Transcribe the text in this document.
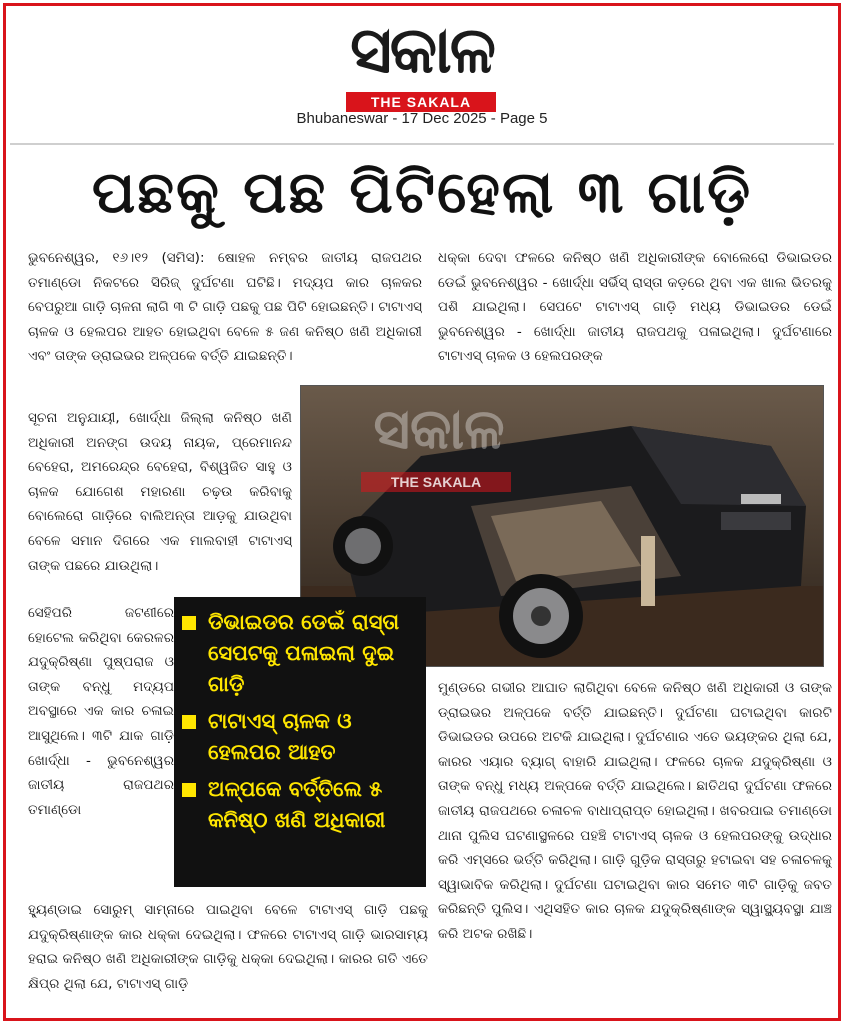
ସକାଳ
THE SAKALA
Bhubaneswar - 17 Dec 2025 - Page 5
ପଛକୁ ପଛ ପିଟିହେଲା ୩ ଗାଡ଼ି
ଭୁବନେଶ୍ୱର, ୧୬।୧୨ (ସମିସ): ଷୋହଳ ନମ୍ବର ଜାତୀୟ ରାଜପଥର ତମାଣ୍ଡୋ ନିକଟରେ ସିରିଜ୍ ଦୁର୍ଘଟଣା ଘଟିଛି। ମଦ୍ୟପ କାର ଚାଳକର ବେପରୁଆ ଗାଡ଼ି ଚାଳନା ଲାଗି ୩ ଟି ଗାଡ଼ି ପଛକୁ ପଛ ପିଟି ହୋଇଛନ୍ତି। ଟାଟାଏସ୍ ଚାଳକ ଓ ହେଲପର ଆହତ ହୋଇଥିବା ବେଳେ ୫ ଜଣ କନିଷ୍ଠ ଖଣି ଅଧିକାରୀ ଏବଂ ତାଙ୍କ ଡ୍ରାଇଭର ଅଳ୍ପକେ ବର୍ତ୍ତି ଯାଇଛନ୍ତି।
ଧକ୍କା ଦେବା ଫଳରେ କନିଷ୍ଠ ଖଣି ଅଧିକାରୀଙ୍କ ବୋଲେରୋ ଡିଭାଇଡର ଡେଇଁ ଭୁବନେଶ୍ୱର - ଖୋର୍ଦ୍ଧା ସର୍ଭିସ୍ ରାସ୍ତା କଡ଼ରେ ଥିବା ଏକ ଖାଲ ଭିତରକୁ ପଶି ଯାଇଥିଲା। ସେପଟେ ଟାଟାଏସ୍ ଗାଡ଼ି ମଧ୍ୟ ଡିଭାଇଡର ଡେଇଁ ଭୁବନେଶ୍ୱର - ଖୋର୍ଦ୍ଧା ଜାତୀୟ ରାଜପଥକୁ ପଳାଇଥିଲା। ଦୁର୍ଘଟଣାରେ ଟାଟାଏସ୍ ଚାଳକ ଓ ହେଲପରଙ୍କ
ସୂଚନା ଅନୁଯାୟୀ, ଖୋର୍ଦ୍ଧା ଜିଲ୍ଲା କନିଷ୍ଠ ଖଣି ଅଧିକାରୀ ଅନଙ୍ଗ ଉଦୟ ନାୟକ, ପ୍ରେମାନନ୍ଦ ବେହେରା, ଅମରେନ୍ଦ୍ର ବେହେରା, ବିଶ୍ୱଜିତ ସାହୁ ଓ ଚାଳକ ଯୋଗେଶ ମହାରଣା ଚଢ଼ଉ କରିବାକୁ ବୋଲେରୋ ଗାଡ଼ିରେ ବାଲିଅନ୍ତା ଆଡ଼କୁ ଯାଉଥିବା ବେଳେ ସମାନ ଦିଗରେ ଏକ ମାଲବାହୀ ଟାଟାଏସ୍ ତାଙ୍କ ପଛରେ ଯାଉଥିଲା।
ସେହିପରି ଜଟଣୀରେ ହୋଟେଲ କରିଥିବା କେରଳର ଯଦୁକ୍ରିଷ୍ଣା ପୁଷ୍ପରାଜ ଓ ତାଙ୍କ ବନ୍ଧୁ ମଦ୍ୟପ ଅବସ୍ଥାରେ ଏକ କାର ଚଳାଇ ଆସୁଥିଲେ। ୩ଟି ଯାକ ଗାଡ଼ି ଖୋର୍ଦ୍ଧା - ଭୁବନେଶ୍ୱର ଜାତୀୟ ରାଜପଥର ତମାଣ୍ଡୋ
ହ୍ୟୁଣ୍ଡାଇ ସୋରୁମ୍ ସାମ୍ନାରେ ପାଇଥିବା ବେଳେ ଟାଟାଏସ୍ ଗାଡ଼ି ପଛକୁ ଯଦୁକ୍ରିଷ୍ଣାଙ୍କ କାର ଧକ୍କା ଦେଇଥିଲା। ଫଳରେ ଟାଟାଏସ୍ ଗାଡ଼ି ଭାରସାମ୍ୟ ହରାଇ କନିଷ୍ଠ ଖଣି ଅଧିକାରୀଙ୍କ ଗାଡ଼ିକୁ ଧକ୍କା ଦେଇଥିଲା। କାରର ଗତି ଏତେ କ୍ଷିପ୍ର ଥିଲା ଯେ, ଟାଟାଏସ୍ ଗାଡ଼ି
ମୁଣ୍ଡରେ ଗଭୀର ଆଘାତ ଲାଗିଥିବା ବେଳେ କନିଷ୍ଠ ଖଣି ଅଧିକାରୀ ଓ ତାଙ୍କ ଡ୍ରାଇଭର ଅଳ୍ପକେ ବର୍ତ୍ତି ଯାଇଛନ୍ତି। ଦୁର୍ଘଟଣା ଘଟାଇଥିବା କାରଟି ଡିଭାଇଡର ଉପରେ ଅଟକି ଯାଇଥିଲା। ଦୁର୍ଘଟଣାର ଏତେ ଭୟଙ୍କର ଥିଲା ଯେ, କାରର ଏୟାର ବ୍ୟାଗ୍ ବାହାରି ଯାଇଥିଲା। ଫଳରେ ଚାଳକ ଯଦୁକ୍ରିଷ୍ଣା ଓ ତାଙ୍କ ବନ୍ଧୁ ମଧ୍ୟ ଅଳ୍ପକେ ବର୍ତ୍ତି ଯାଇଥିଲେ। ଛାତିଥରା ଦୁର୍ଘଟଣା ଫଳରେ ଜାତୀୟ ରାଜପଥରେ ଚଳାଚଳ ବାଧାପ୍ରାପ୍ତ ହୋଇଥିଲା। ଖବରପାଇ ତମାଣ୍ଡୋ ଥାନା ପୁଲିସ ଘଟଣାସ୍ଥଳରେ ପହଞ୍ଚି ଟାଟାଏସ୍ ଚାଳକ ଓ ହେଲପରଙ୍କୁ ଉଦ୍ଧାର କରି ଏମ୍ସରେ ଭର୍ତ୍ତି କରିଥିଲା। ଗାଡ଼ି ଗୁଡ଼ିକ ରାସ୍ତାରୁ ହଟାଇବା ସହ ଚଳାଚଳକୁ ସ୍ୱାଭାବିକ କରିଥିଲା। ଦୁର୍ଘଟଣା ଘଟାଇଥିବା କାର ସମେତ ୩ଟି ଗାଡ଼ିକୁ ଜବତ କରିଛନ୍ତି ପୁଲିସ। ଏଥିସହିତ କାର ଚାଳକ ଯଦୁକ୍ରିଷ୍ଣାଙ୍କ ସ୍ୱାସ୍ଥ୍ୟବସ୍ଥା ଯାଞ୍ଚ କରି ଅଟକ ରଖିଛି।
ସକାଳ
THE SAKALA
ଡିଭାଇଡର ଡେଇଁ ରାସ୍ତା ସେପଟକୁ ପଳାଇଲା ଦୁଇ ଗାଡ଼ି
ଟାଟାଏସ୍ ଚାଳକ ଓ ହେଲପର ଆହତ
ଅଳ୍ପକେ ବର୍ତ୍ତିଲେ ୫ କନିଷ୍ଠ ଖଣି ଅଧିକାରୀ
